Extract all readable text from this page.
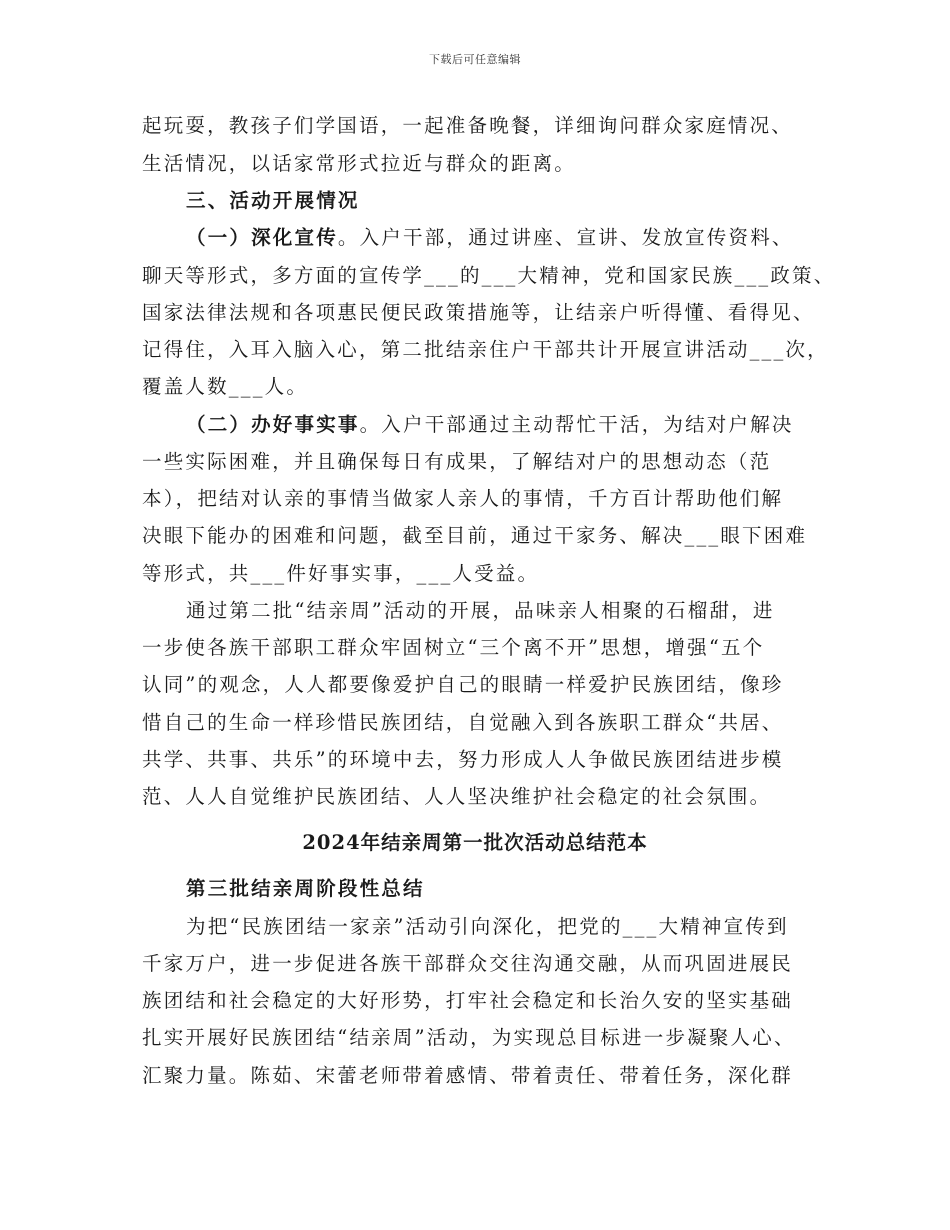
下载后可任意编辑
起玩耍，教孩子们学国语，一起准备晚餐，详细询问群众家庭情况、
生活情况，以话家常形式拉近与群众的距离。
三、活动开展情况
（一）深化宣传。入户干部，通过讲座、宣讲、发放宣传资料、
聊天等形式，多方面的宣传学___的___大精神，党和国家民族___政策、
国家法律法规和各项惠民便民政策措施等，让结亲户听得懂、看得见、
记得住，入耳入脑入心，第二批结亲住户干部共计开展宣讲活动___次，
覆盖人数___人。
（二）办好事实事。入户干部通过主动帮忙干活，为结对户解决
一些实际困难，并且确保每日有成果，了解结对户的思想动态（范
本），把结对认亲的事情当做家人亲人的事情，千方百计帮助他们解
决眼下能办的困难和问题，截至目前，通过干家务、解决___眼下困难
等形式，共___件好事实事，___人受益。
通过第二批“结亲周”活动的开展，品味亲人相聚的石榴甜，进
一步使各族干部职工群众牢固树立“三个离不开”思想，增强“五个
认同”的观念，人人都要像爱护自己的眼睛一样爱护民族团结，像珍
惜自己的生命一样珍惜民族团结，自觉融入到各族职工群众“共居、
共学、共事、共乐”的环境中去，努力形成人人争做民族团结进步模
范、人人自觉维护民族团结、人人坚决维护社会稳定的社会氛围。
2024年结亲周第一批次活动总结范本
第三批结亲周阶段性总结
为把“民族团结一家亲”活动引向深化，把党的___大精神宣传到
千家万户，进一步促进各族干部群众交往沟通交融，从而巩固进展民
族团结和社会稳定的大好形势，打牢社会稳定和长治久安的坚实基础
扎实开展好民族团结“结亲周”活动，为实现总目标进一步凝聚人心、
汇聚力量。陈茹、宋蕾老师带着感情、带着责任、带着任务，深化群
